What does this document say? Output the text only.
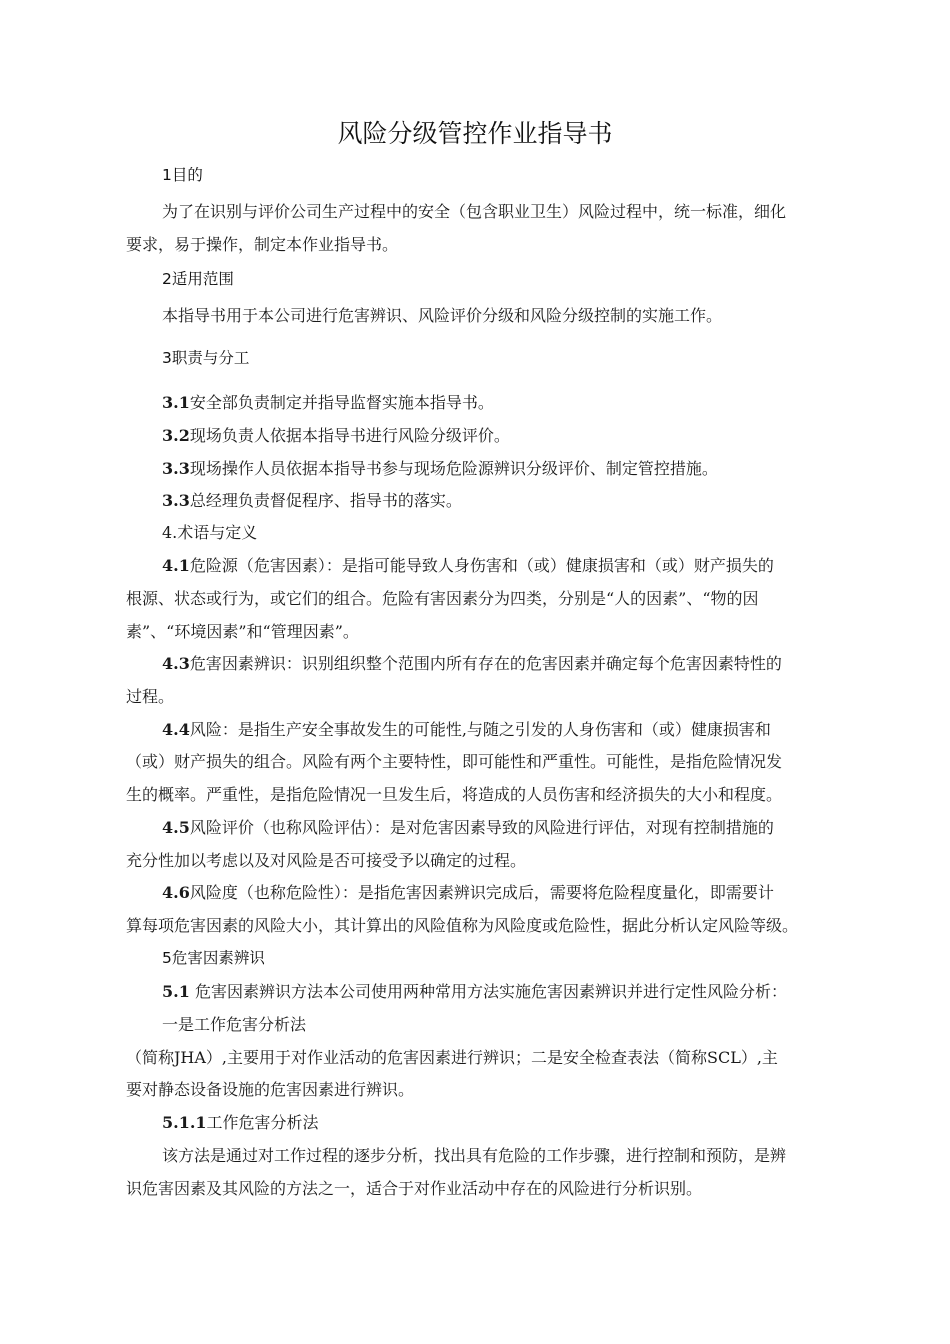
风险分级管控作业指导书
1目的
为了在识别与评价公司生产过程中的安全（包含职业卫生）风险过程中，统一标准，细化
要求，易于操作，制定本作业指导书。
2适用范围
本指导书用于本公司进行危害辨识、风险评价分级和风险分级控制的实施工作。
3职责与分工
3.1安全部负责制定并指导监督实施本指导书。
3.2现场负责人依据本指导书进行风险分级评价。
3.3现场操作人员依据本指导书参与现场危险源辨识分级评价、制定管控措施。
3.3总经理负责督促程序、指导书的落实。
4.术语与定义
4.1危险源（危害因素）：是指可能导致人身伤害和（或）健康损害和（或）财产损失的
根源、状态或行为，或它们的组合。危险有害因素分为四类，分别是“人的因素”、“物的因
素”、“环境因素”和“管理因素”。
4.3危害因素辨识：识别组织整个范围内所有存在的危害因素并确定每个危害因素特性的
过程。
4.4风险：是指生产安全事故发生的可能性,与随之引发的人身伤害和（或）健康损害和
（或）财产损失的组合。风险有两个主要特性，即可能性和严重性。可能性，是指危险情况发
生的概率。严重性，是指危险情况一旦发生后，将造成的人员伤害和经济损失的大小和程度。
4.5风险评价（也称风险评估）：是对危害因素导致的风险进行评估，对现有控制措施的
充分性加以考虑以及对风险是否可接受予以确定的过程。
4.6风险度（也称危险性）：是指危害因素辨识完成后，需要将危险程度量化，即需要计
算每项危害因素的风险大小，其计算出的风险值称为风险度或危险性，据此分析认定风险等级。
5危害因素辨识
5.1 危害因素辨识方法本公司使用两种常用方法实施危害因素辨识并进行定性风险分析：
一是工作危害分析法
（简称JHA）,主要用于对作业活动的危害因素进行辨识；二是安全检查表法（简称SCL）,主
要对静态设备设施的危害因素进行辨识。
5.1.1工作危害分析法
该方法是通过对工作过程的逐步分析，找出具有危险的工作步骤，进行控制和预防，是辨
识危害因素及其风险的方法之一，适合于对作业活动中存在的风险进行分析识别。
